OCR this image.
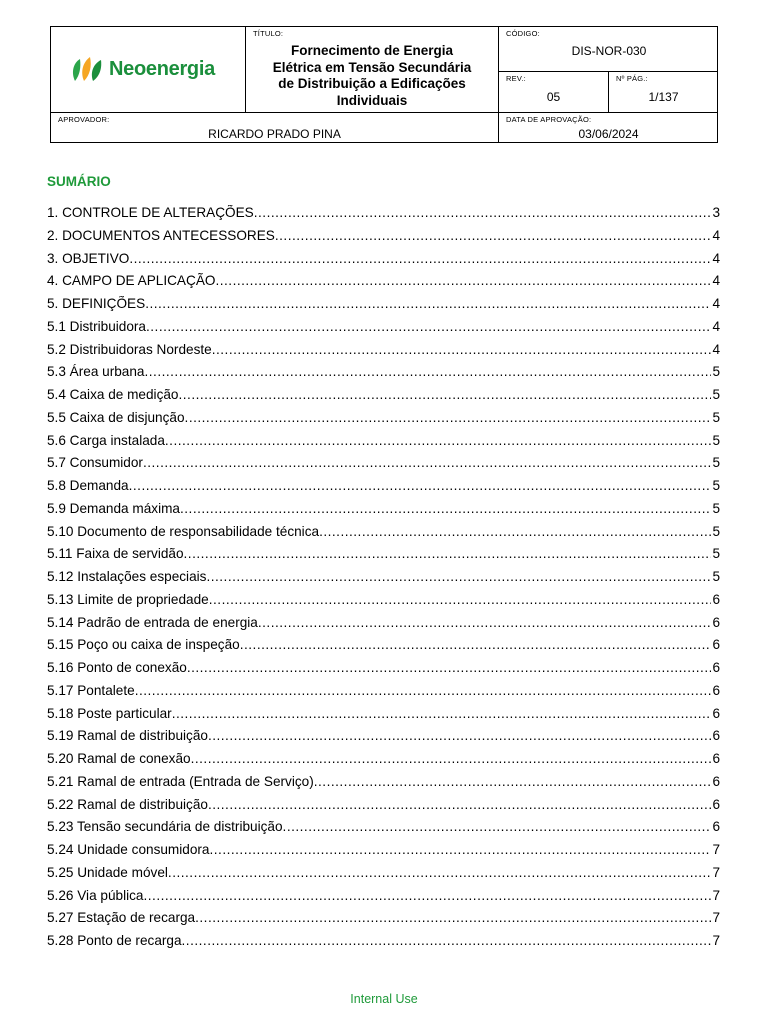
Neoenergia
TÍTULO:
Fornecimento de Energia
Elétrica em Tensão Secundária
de Distribuição a Edificações
Individuais
CÓDIGO:
DIS-NOR-030
REV.:
05
Nº PÁG.:
1/137
APROVADOR:
RICARDO PRADO PINA
DATA DE APROVAÇÃO:
03/06/2024
SUMÁRIO
1. CONTROLE DE ALTERAÇÕES .....	3
2. DOCUMENTOS ANTECESSORES .....	4
3. OBJETIVO .....	4
4. CAMPO DE APLICAÇÃO .....	4
5. DEFINIÇÕES .....	4
5.1 Distribuidora .....	4
5.2 Distribuidoras Nordeste .....	4
5.3 Área urbana .....	5
5.4 Caixa de medição .....	5
5.5 Caixa de disjunção .....	5
5.6 Carga instalada .....	5
5.7 Consumidor .....	5
5.8 Demanda .....	5
5.9 Demanda máxima .....	5
5.10 Documento de responsabilidade técnica .....	5
5.11 Faixa de servidão .....	5
5.12 Instalações especiais .....	5
5.13 Limite de propriedade .....	6
5.14 Padrão de entrada de energia .....	6
5.15 Poço ou caixa de inspeção .....	6
5.16 Ponto de conexão .....	6
5.17 Pontalete .....	6
5.18 Poste particular .....	6
5.19 Ramal de distribuição .....	6
5.20 Ramal de conexão .....	6
5.21 Ramal de entrada (Entrada de Serviço) .....	6
5.22 Ramal de distribuição .....	6
5.23 Tensão secundária de distribuição .....	6
5.24 Unidade consumidora .....	7
5.25 Unidade móvel .....	7
5.26 Via pública .....	7
5.27 Estação de recarga .....	7
5.28 Ponto de recarga .....	7
Internal Use
